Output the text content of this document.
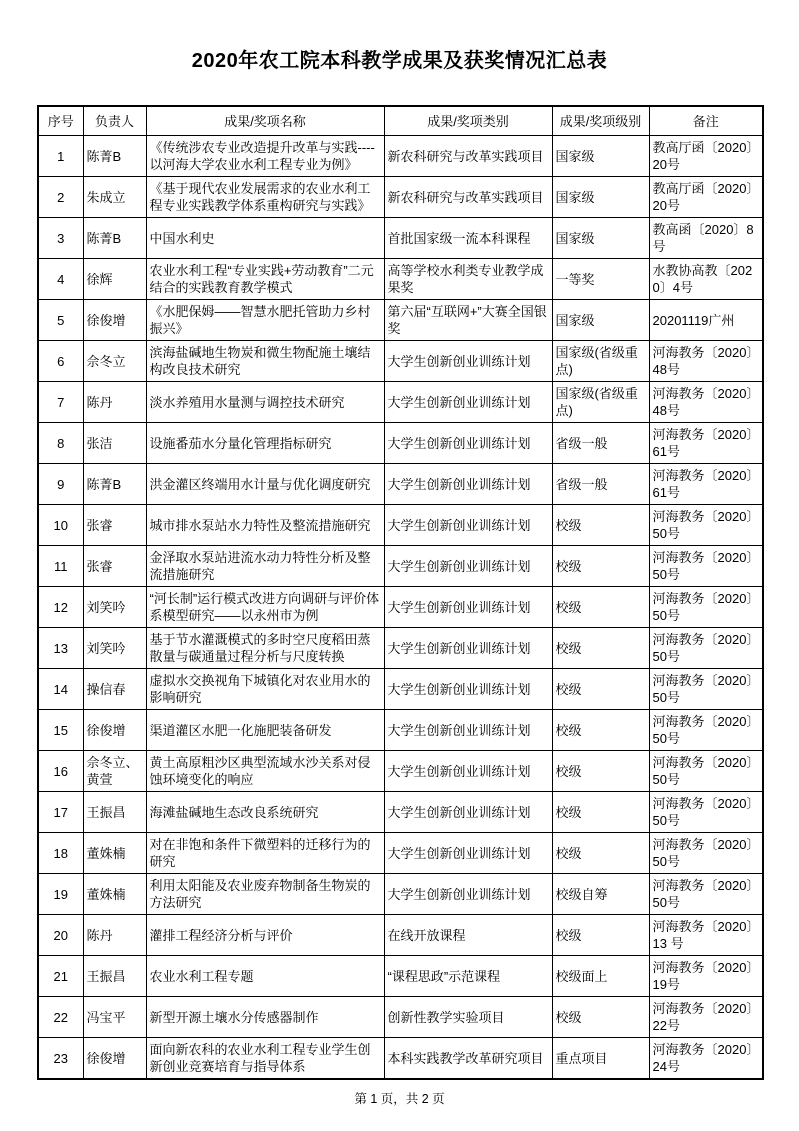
2020年农工院本科教学成果及获奖情况汇总表
序号	负责人	成果/奖项名称	成果/奖项类别	成果/奖项级别	备注
1	陈菁B	《传统涉农专业改造提升改革与实践----以河海大学农业水利工程专业为例》	新农科研究与改革实践项目	国家级	教高厅函〔2020〕20号
2	朱成立	《基于现代农业发展需求的农业水利工程专业实践教学体系重构研究与实践》	新农科研究与改革实践项目	国家级	教高厅函〔2020〕20号
3	陈菁B	中国水利史	首批国家级一流本科课程	国家级	教高函〔2020〕8号
4	徐辉	农业水利工程“专业实践+劳动教育”二元结合的实践教育教学模式	高等学校水利类专业教学成果奖	一等奖	水教协高教〔2020〕4号
5	徐俊增	《水肥保姆——智慧水肥托管助力乡村振兴》	第六届“互联网+”大赛全国银奖	国家级	20201119广州
6	佘冬立	滨海盐碱地生物炭和微生物配施土壤结构改良技术研究	大学生创新创业训练计划	国家级(省级重点)	河海教务〔2020〕48号
7	陈丹	淡水养殖用水量测与调控技术研究	大学生创新创业训练计划	国家级(省级重点)	河海教务〔2020〕48号
8	张洁	设施番茄水分量化管理指标研究	大学生创新创业训练计划	省级一般	河海教务〔2020〕61号
9	陈菁B	洪金灌区终端用水计量与优化调度研究	大学生创新创业训练计划	省级一般	河海教务〔2020〕61号
10	张睿	城市排水泵站水力特性及整流措施研究	大学生创新创业训练计划	校级	河海教务〔2020〕50号
11	张睿	金泽取水泵站进流水动力特性分析及整流措施研究	大学生创新创业训练计划	校级	河海教务〔2020〕50号
12	刘笑吟	“河长制”运行模式改进方向调研与评价体系模型研究——以永州市为例	大学生创新创业训练计划	校级	河海教务〔2020〕50号
13	刘笑吟	基于节水灌溉模式的多时空尺度稻田蒸散量与碳通量过程分析与尺度转换	大学生创新创业训练计划	校级	河海教务〔2020〕50号
14	操信春	虚拟水交换视角下城镇化对农业用水的影响研究	大学生创新创业训练计划	校级	河海教务〔2020〕50号
15	徐俊增	渠道灌区水肥一化施肥装备研发	大学生创新创业训练计划	校级	河海教务〔2020〕50号
16	佘冬立、黄萱	黄土高原粗沙区典型流域水沙关系对侵蚀环境变化的响应	大学生创新创业训练计划	校级	河海教务〔2020〕50号
17	王振昌	海滩盐碱地生态改良系统研究	大学生创新创业训练计划	校级	河海教务〔2020〕50号
18	董姝楠	对在非饱和条件下微塑料的迁移行为的研究	大学生创新创业训练计划	校级	河海教务〔2020〕50号
19	董姝楠	利用太阳能及农业废弃物制备生物炭的方法研究	大学生创新创业训练计划	校级自筹	河海教务〔2020〕50号
20	陈丹	灌排工程经济分析与评价	在线开放课程	校级	河海教务〔2020〕13 号
21	王振昌	农业水利工程专题	“课程思政”示范课程	校级面上	河海教务〔2020〕19号
22	冯宝平	新型开源土壤水分传感器制作	创新性教学实验项目	校级	河海教务〔2020〕22号
23	徐俊增	面向新农科的农业水利工程专业学生创新创业竞赛培育与指导体系	本科实践教学改革研究项目	重点项目	河海教务〔2020〕24号
第 1 页，共 2 页
